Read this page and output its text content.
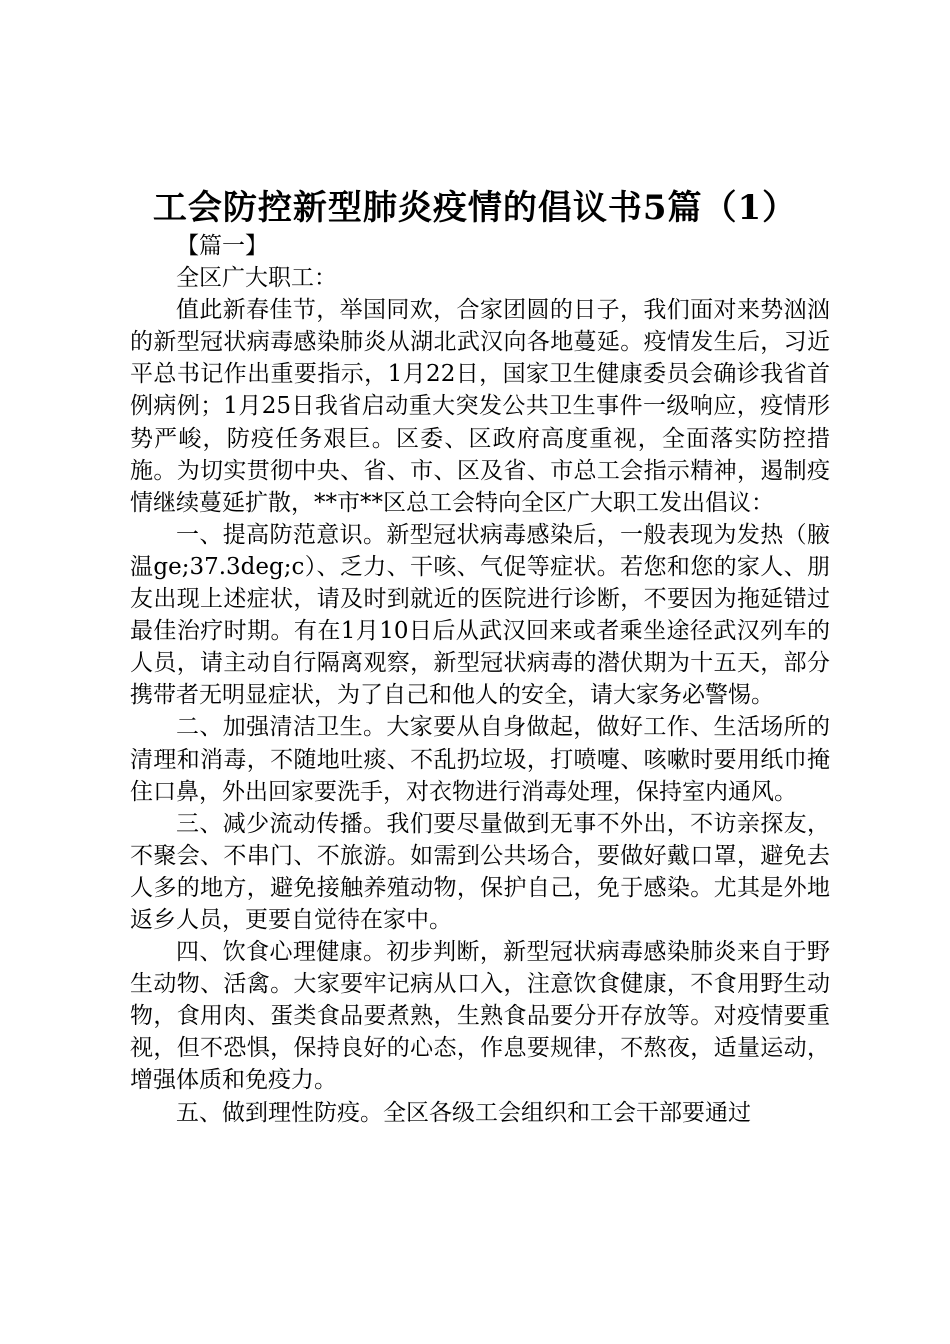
工会防控新型肺炎疫情的倡议书5篇（1）

【篇一】

全区广大职工：

值此新春佳节，举国同欢，合家团圆的日子，我们面对来势汹汹的新型冠状病毒感染肺炎从湖北武汉向各地蔓延。疫情发生后，习近平总书记作出重要指示，1月22日，国家卫生健康委员会确诊我省首例病例；1月25日我省启动重大突发公共卫生事件一级响应，疫情形势严峻，防疫任务艰巨。区委、区政府高度重视，全面落实防控措施。为切实贯彻中央、省、市、区及省、市总工会指示精神，遏制疫情继续蔓延扩散，**市**区总工会特向全区广大职工发出倡议：

一、提高防范意识。新型冠状病毒感染后，一般表现为发热（腋温ge;37.3deg;c）、乏力、干咳、气促等症状。若您和您的家人、朋友出现上述症状，请及时到就近的医院进行诊断，不要因为拖延错过最佳治疗时期。有在1月10日后从武汉回来或者乘坐途径武汉列车的人员，请主动自行隔离观察，新型冠状病毒的潜伏期为十五天，部分携带者无明显症状，为了自己和他人的安全，请大家务必警惕。

二、加强清洁卫生。大家要从自身做起，做好工作、生活场所的清理和消毒，不随地吐痰、不乱扔垃圾，打喷嚏、咳嗽时要用纸巾掩住口鼻，外出回家要洗手，对衣物进行消毒处理，保持室内通风。

三、减少流动传播。我们要尽量做到无事不外出，不访亲探友，不聚会、不串门、不旅游。如需到公共场合，要做好戴口罩，避免去人多的地方，避免接触养殖动物，保护自己，免于感染。尤其是外地返乡人员，更要自觉待在家中。

四、饮食心理健康。初步判断，新型冠状病毒感染肺炎来自于野生动物、活禽。大家要牢记病从口入，注意饮食健康，不食用野生动物，食用肉、蛋类食品要煮熟，生熟食品要分开存放等。对疫情要重视，但不恐惧，保持良好的心态，作息要规律，不熬夜，适量运动，增强体质和免疫力。

五、做到理性防疫。全区各级工会组织和工会干部要通过
